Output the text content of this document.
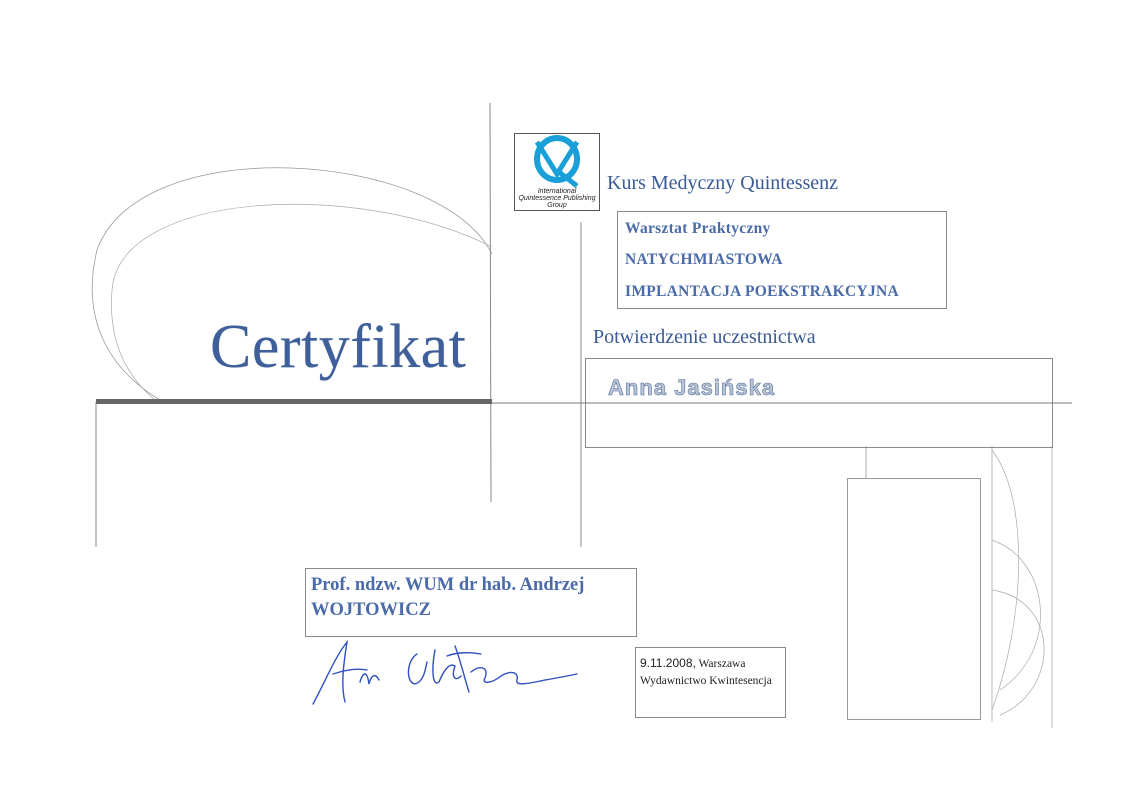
Certyfikat
International
Quintessence Publishing
Group
Kurs Medyczny Quintessenz
Warsztat Praktyczny
NATYCHMIASTOWA
IMPLANTACJA POEKSTRAKCYJNA
Potwierdzenie uczestnictwa
Anna Jasińska
Prof. ndzw. WUM dr hab. Andrzej
WOJTOWICZ
9.11.2008, Warszawa
Wydawnictwo Kwintesencja
